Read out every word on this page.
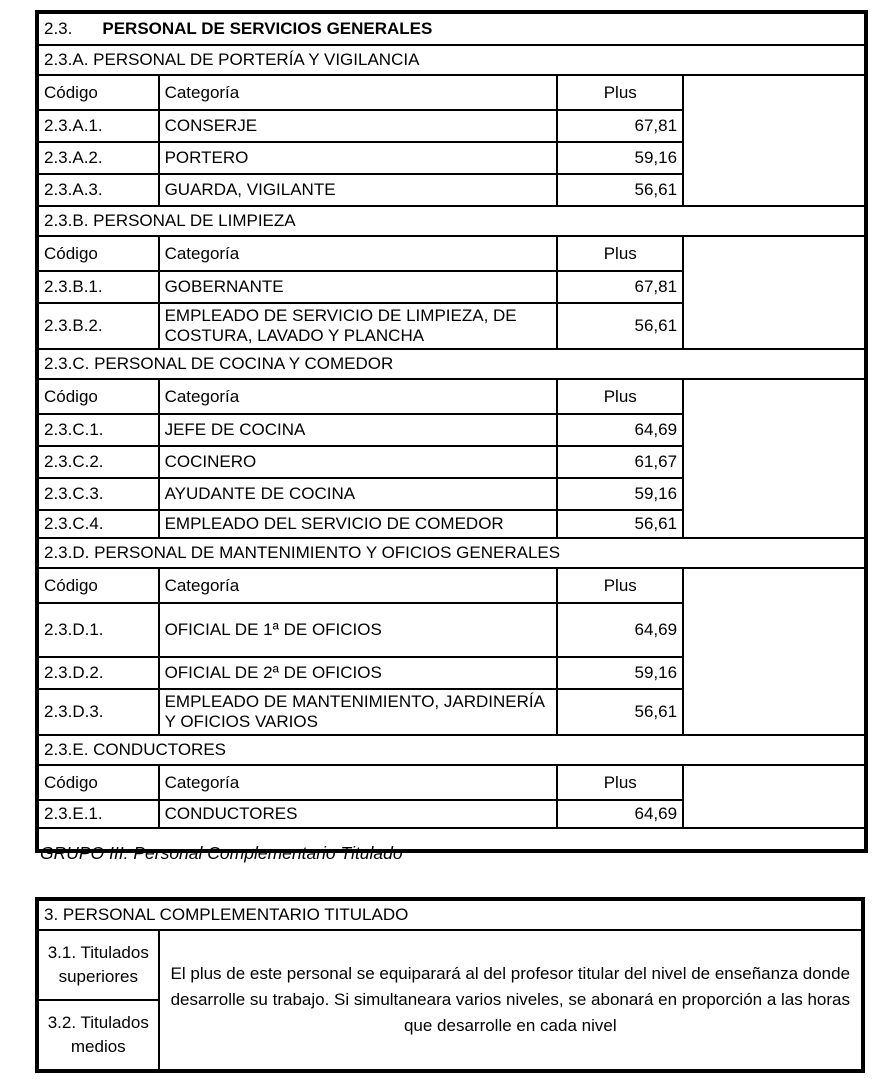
2.3. PERSONAL DE SERVICIOS GENERALES			
2.3.A. PERSONAL DE PORTERÍA Y VIGILANCIA			
Código	Categoría	Plus	
2.3.A.1.	CONSERJE	67,81	
2.3.A.2.	PORTERO	59,16	
2.3.A.3.	GUARDA, VIGILANTE	56,61	
2.3.B. PERSONAL DE LIMPIEZA			
Código	Categoría	Plus	
2.3.B.1.	GOBERNANTE	67,81	
2.3.B.2.	EMPLEADO DE SERVICIO DE LIMPIEZA, DE COSTURA, LAVADO Y PLANCHA	56,61	
2.3.C. PERSONAL DE COCINA Y COMEDOR			
Código	Categoría	Plus	
2.3.C.1.	JEFE DE COCINA	64,69	
2.3.C.2.	COCINERO	61,67	
2.3.C.3.	AYUDANTE DE COCINA	59,16	
2.3.C.4.	EMPLEADO DEL SERVICIO DE COMEDOR	56,61	
2.3.D. PERSONAL DE MANTENIMIENTO Y OFICIOS GENERALES			
Código	Categoría	Plus	
2.3.D.1.	OFICIAL DE 1ª DE OFICIOS	64,69	
2.3.D.2.	OFICIAL DE 2ª DE OFICIOS	59,16	
2.3.D.3.	EMPLEADO DE MANTENIMIENTO, JARDINERÍA Y OFICIOS VARIOS	56,61	
2.3.E. CONDUCTORES			
Código	Categoría	Plus	
2.3.E.1.	CONDUCTORES	64,69	

GRUPO III: Personal Complementario Titulado
3. PERSONAL COMPLEMENTARIO TITULADO
3.1. Titulados superiores	El plus de este personal se equiparará al del profesor titular del nivel de enseñanza donde desarrolle su trabajo. Si simultaneara varios niveles, se abonará en proporción a las horas que desarrolle en cada nivel
3.2. Titulados medios
